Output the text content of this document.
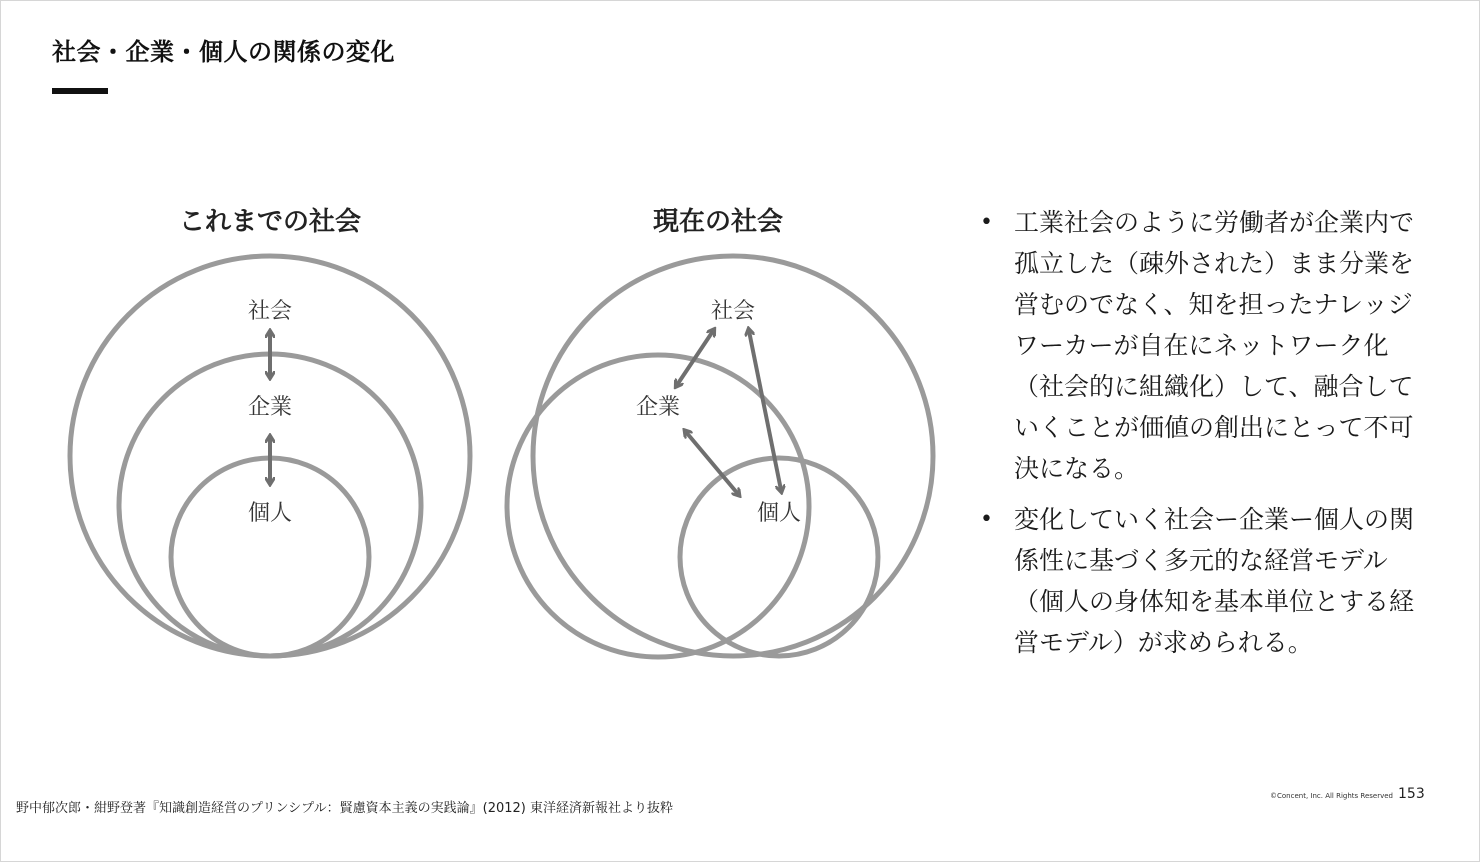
社会・企業・個人の関係の変化
これまでの社会
社会
企業
個人
現在の社会
社会
企業
個人
• 工業社会のように労働者が企業内で孤立した（疎外された）まま分業を営むのでなく、知を担ったナレッジワーカーが自在にネットワーク化（社会的に組織化）して、融合していくことが価値の創出にとって不可決になる。
• 変化していく社会ー企業ー個人の関係性に基づく多元的な経営モデル（個人の身体知を基本単位とする経営モデル）が求められる。
野中郁次郎・紺野登著『知識創造経営のプリンシプル：賢慮資本主義の実践論』(2012) 東洋経済新報社より抜粋
©Concent, Inc. All Rights Reserved 153
